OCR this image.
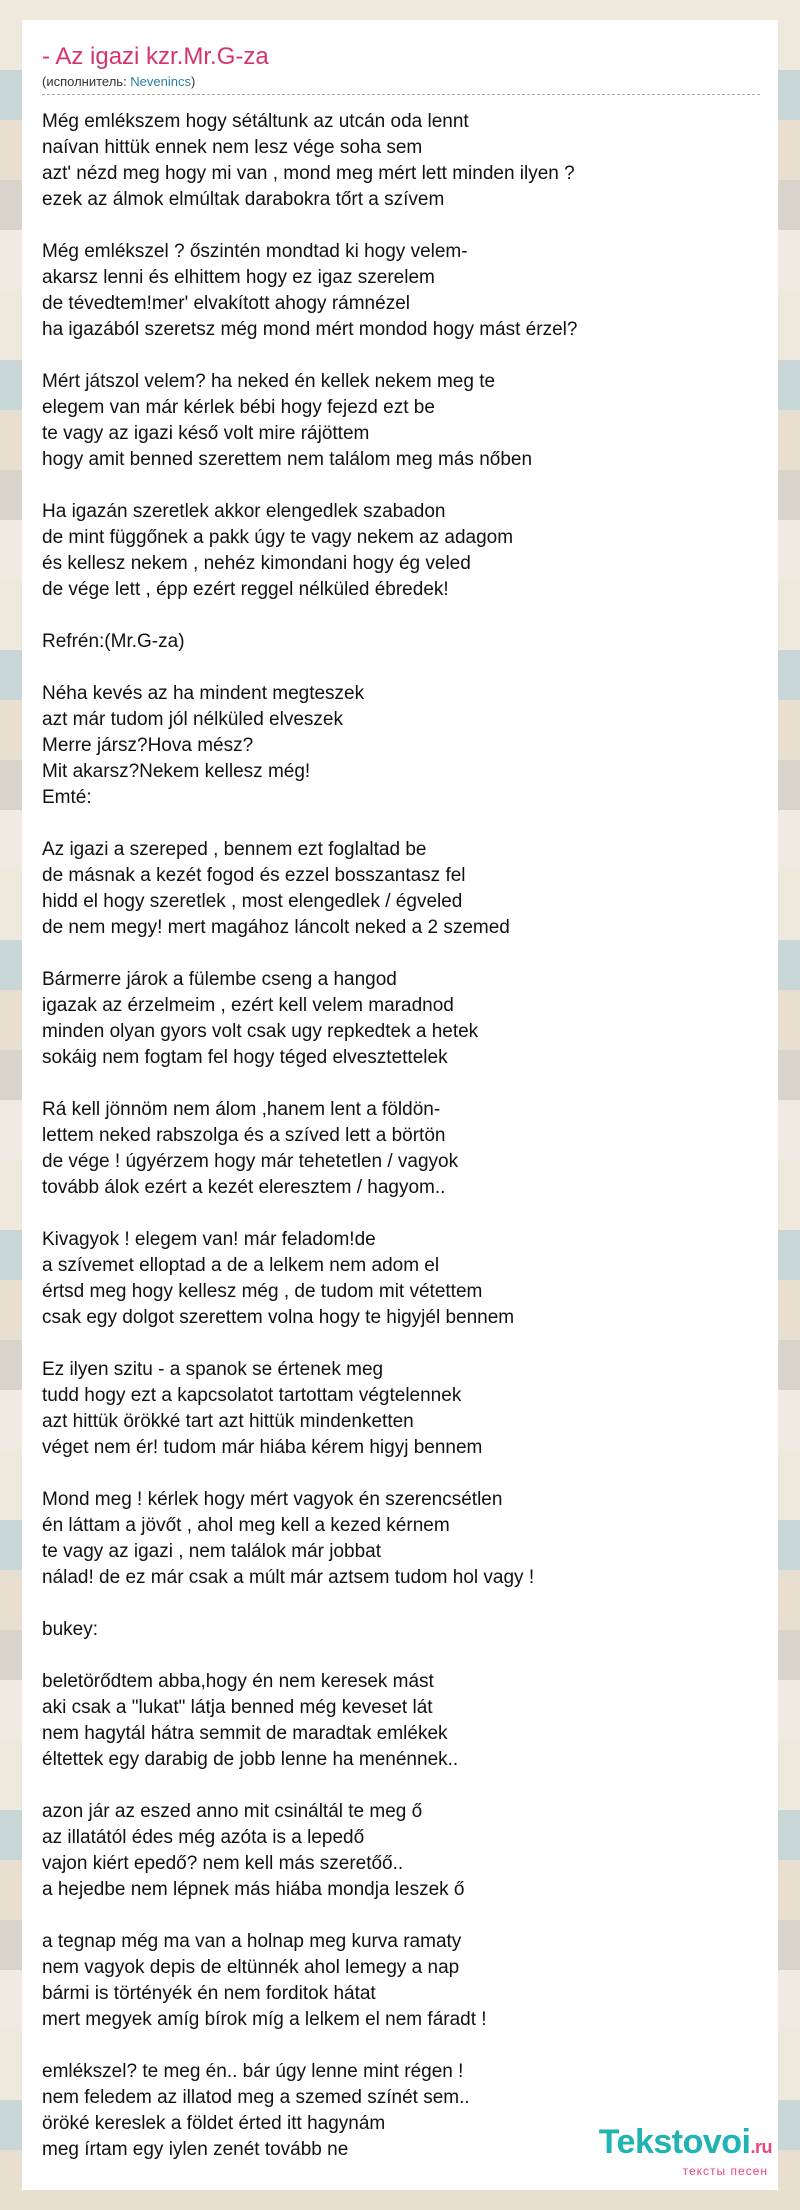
- Az igazi kzr.Mr.G-za
(исполнитель: Nevenincs)
Még emlékszem hogy sétáltunk az utcán oda lennt
naívan hittük ennek nem lesz vége soha sem
azt' nézd meg hogy mi van , mond meg mért lett minden ilyen ?
ezek az álmok elmúltak darabokra tőrt a szívem
Még emlékszel ? őszintén mondtad ki hogy velem-
akarsz lenni és elhittem hogy ez igaz szerelem
de tévedtem!mer' elvakított ahogy rámnézel
ha igazából szeretsz még mond mért mondod hogy mást érzel?
Mért játszol velem? ha neked én kellek nekem meg te
elegem van már kérlek bébi hogy fejezd ezt be
te vagy az igazi késő volt mire rájöttem
hogy amit benned szerettem nem találom meg más nőben
Ha igazán szeretlek akkor elengedlek szabadon
de mint függőnek a pakk úgy te vagy nekem az adagom
és kellesz nekem , nehéz kimondani hogy ég veled
de vége lett , épp ezért reggel nélküled ébredek!
Refrén:(Mr.G-za)
Néha kevés az ha mindent megteszek
azt már tudom jól nélküled elveszek
Merre jársz?Hova mész?
Mit akarsz?Nekem kellesz még!
Emté:
Az igazi a szereped , bennem ezt foglaltad be
de másnak a kezét fogod és ezzel bosszantasz fel
hidd el hogy szeretlek , most elengedlek / égveled
de nem megy! mert magához láncolt neked a 2 szemed
Bármerre járok a fülembe cseng a hangod
igazak az érzelmeim , ezért kell velem maradnod
minden olyan gyors volt csak ugy repkedtek a hetek
sokáig nem fogtam fel hogy téged elvesztettelek
Rá kell jönnöm nem álom ,hanem lent a földön-
lettem neked rabszolga és a szíved lett a börtön
de vége ! úgyérzem hogy már tehetetlen / vagyok
tovább álok ezért a kezét eleresztem / hagyom..
Kivagyok ! elegem van! már feladom!de
a szívemet elloptad a de a lelkem nem adom el
értsd meg hogy kellesz még , de tudom mit vétettem
csak egy dolgot szerettem volna hogy te higyjél bennem
Ez ilyen szitu - a spanok se értenek meg
tudd hogy ezt a kapcsolatot tartottam végtelennek
azt hittük örökké tart azt hittük mindenketten
véget nem ér! tudom már hiába kérem higyj bennem
Mond meg ! kérlek hogy mért vagyok én szerencsétlen
én láttam a jövőt , ahol meg kell a kezed kérnem
te vagy az igazi , nem találok már jobbat
nálad! de ez már csak a múlt már aztsem tudom hol vagy !
bukey:
beletörődtem abba,hogy én nem keresek mást
aki csak a "lukat" látja benned még keveset lát
nem hagytál hátra semmit de maradtak emlékek
éltettek egy darabig de jobb lenne ha menénnek..
azon jár az eszed anno mit csináltál te meg ő
az illatától édes még azóta is a lepedő
vajon kiért epedő? nem kell más szeretőő..
a hejedbe nem lépnek más hiába mondja leszek ő
a tegnap még ma van a holnap meg kurva ramaty
nem vagyok depis de eltünnék ahol lemegy a nap
bármi is történyék én nem forditok hátat
mert megyek amíg bírok míg a lelkem el nem fáradt !
emlékszel? te meg én.. bár úgy lenne mint régen !
nem feledem az illatod meg a szemed színét sem..
öröké kereslek a földet érted itt hagynám
meg írtam egy iylen zenét tovább ne	Tekstovoi.ru
тексты песен
